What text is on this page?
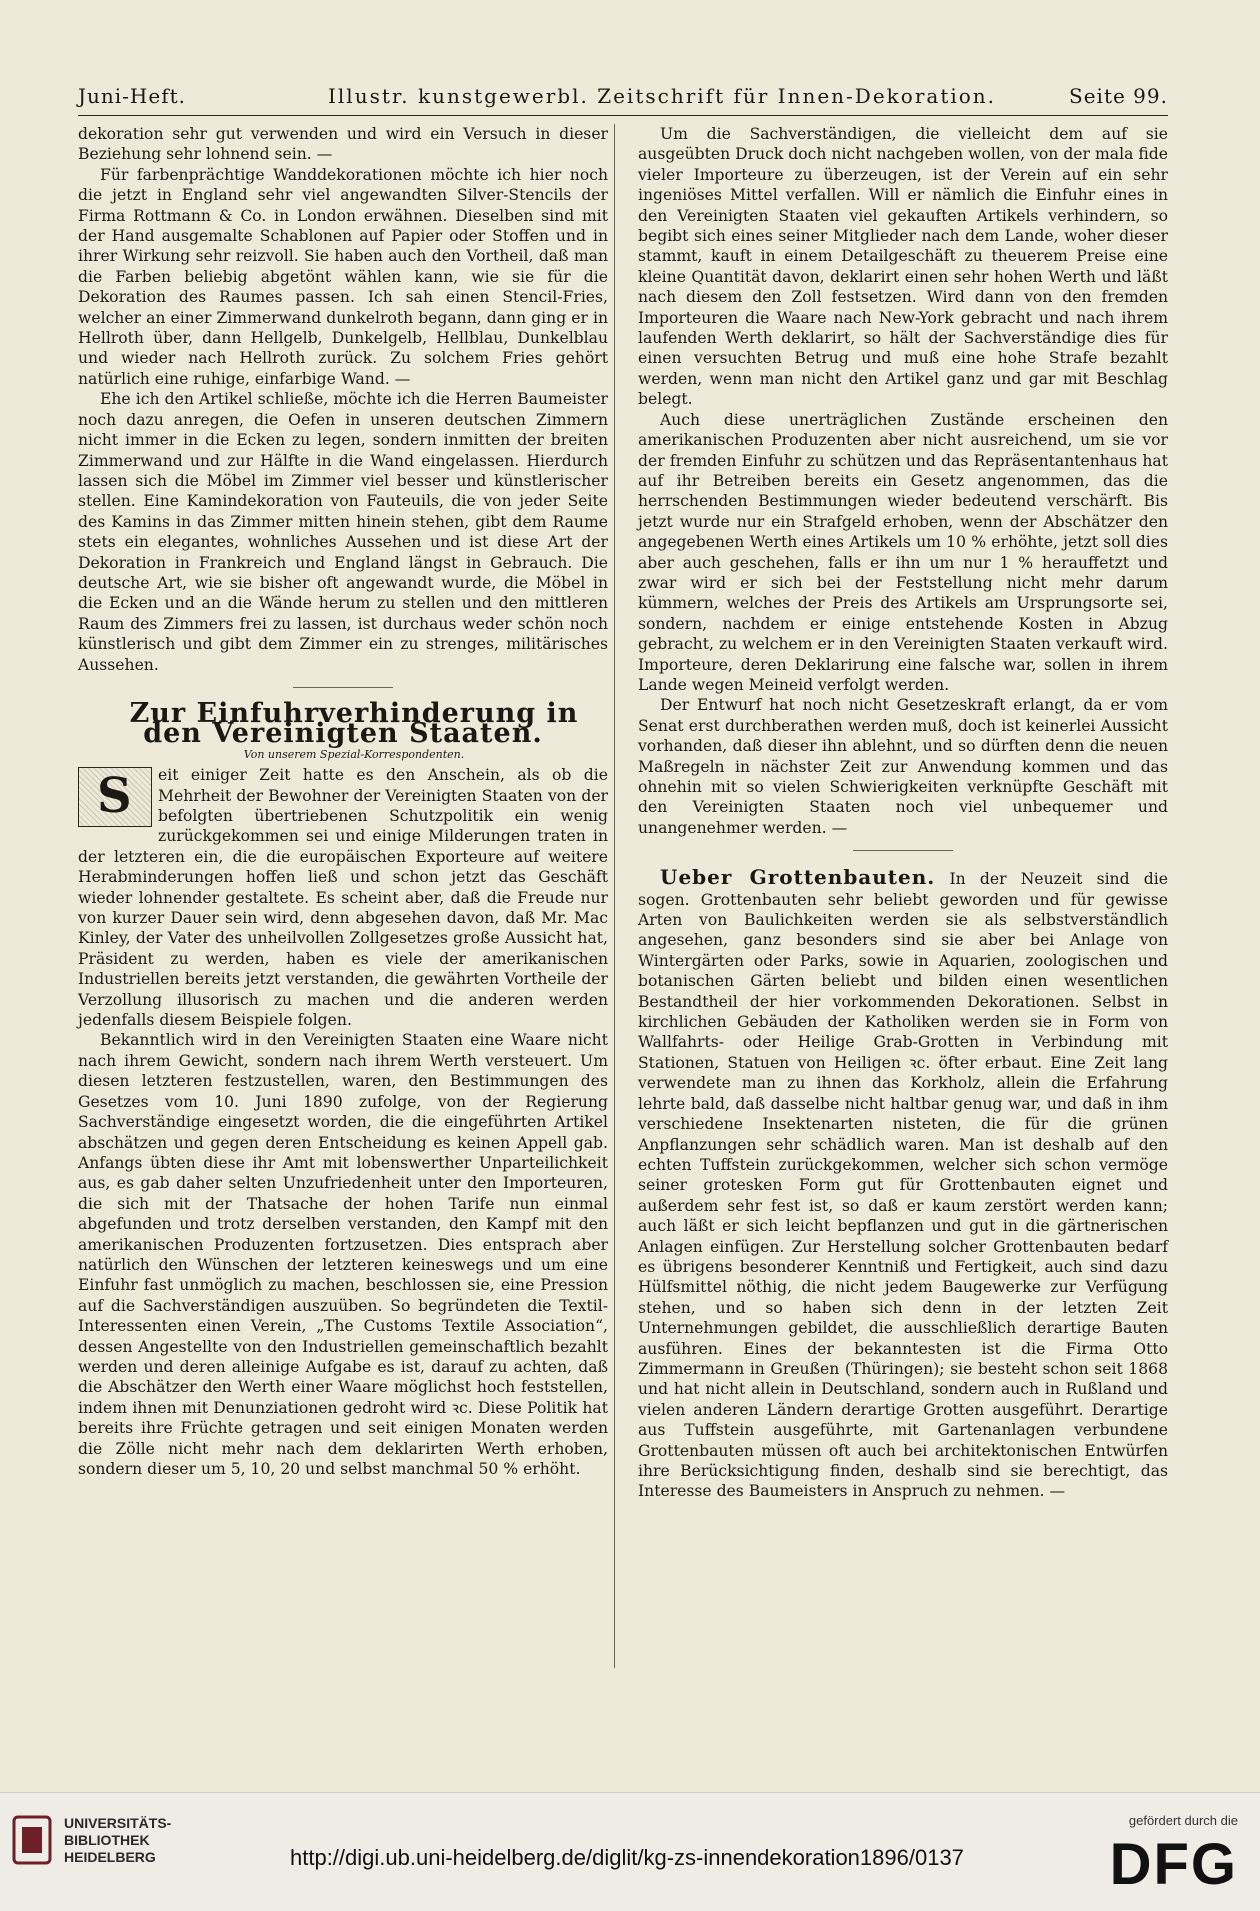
Juni-Heft.	Illustr. kunstgewerbl. Zeitschrift für Innen-Dekoration.	Seite 99.

dekoration sehr gut verwenden und wird ein Versuch in dieser Beziehung sehr lohnend sein. —

Für farbenprächtige Wanddekorationen möchte ich hier noch die jetzt in England sehr viel angewandten Silver-Stencils der Firma Rottmann & Co. in London erwähnen. Dieselben sind mit der Hand ausgemalte Schablonen auf Papier oder Stoffen und in ihrer Wirkung sehr reizvoll. Sie haben auch den Vortheil, daß man die Farben beliebig abgetönt wählen kann, wie sie für die Dekoration des Raumes passen. Ich sah einen Stencil-Fries, welcher an einer Zimmerwand dunkelroth begann, dann ging er in Hellroth über, dann Hellgelb, Dunkelgelb, Hellblau, Dunkelblau und wieder nach Hellroth zurück. Zu solchem Fries gehört natürlich eine ruhige, einfarbige Wand. —

Ehe ich den Artikel schließe, möchte ich die Herren Baumeister noch dazu anregen, die Oefen in unseren deutschen Zimmern nicht immer in die Ecken zu legen, sondern inmitten der breiten Zimmerwand und zur Hälfte in die Wand eingelassen. Hierdurch lassen sich die Möbel im Zimmer viel besser und künstlerischer stellen. Eine Kamindekoration von Fauteuils, die von jeder Seite des Kamins in das Zimmer mitten hinein stehen, gibt dem Raume stets ein elegantes, wohnliches Aussehen und ist diese Art der Dekoration in Frankreich und England längst in Gebrauch. Die deutsche Art, wie sie bisher oft angewandt wurde, die Möbel in die Ecken und an die Wände herum zu stellen und den mittleren Raum des Zimmers frei zu lassen, ist durchaus weder schön noch künstlerisch und gibt dem Zimmer ein zu strenges, militärisches Aussehen.

Zur Einfuhrverhinderung in den Vereinigten Staaten.

Von unserem Spezial-Korrespondenten.

S eit einiger Zeit hatte es den Anschein, als ob die Mehrheit der Bewohner der Vereinigten Staaten von der befolgten übertriebenen Schutzpolitik ein wenig zurückgekommen sei und einige Milderungen traten in der letzteren ein, die die europäischen Exporteure auf weitere Herabminderungen hoffen ließ und schon jetzt das Geschäft wieder lohnender gestaltete. Es scheint aber, daß die Freude nur von kurzer Dauer sein wird, denn abgesehen davon, daß Mr. Mac Kinley, der Vater des unheilvollen Zollgesetzes große Aussicht hat, Präsident zu werden, haben es viele der amerikanischen Industriellen bereits jetzt verstanden, die gewährten Vortheile der Verzollung illusorisch zu machen und die anderen werden jedenfalls diesem Beispiele folgen.

Bekanntlich wird in den Vereinigten Staaten eine Waare nicht nach ihrem Gewicht, sondern nach ihrem Werth versteuert. Um diesen letzteren festzustellen, waren, den Bestimmungen des Gesetzes vom 10. Juni 1890 zufolge, von der Regierung Sachverständige eingesetzt worden, die die eingeführten Artikel abschätzen und gegen deren Entscheidung es keinen Appell gab. Anfangs übten diese ihr Amt mit lobenswerther Unparteilichkeit aus, es gab daher selten Unzufriedenheit unter den Importeuren, die sich mit der Thatsache der hohen Tarife nun einmal abgefunden und trotz derselben verstanden, den Kampf mit den amerikanischen Produzenten fortzusetzen. Dies entsprach aber natürlich den Wünschen der letzteren keineswegs und um eine Einfuhr fast unmöglich zu machen, beschlossen sie, eine Pression auf die Sachverständigen auszuüben. So begründeten die Textil-Interessenten einen Verein, „The Customs Textile Association“, dessen Angestellte von den Industriellen gemeinschaftlich bezahlt werden und deren alleinige Aufgabe es ist, darauf zu achten, daß die Abschätzer den Werth einer Waare möglichst hoch feststellen, indem ihnen mit Denunziationen gedroht wird ꝛc. Diese Politik hat bereits ihre Früchte getragen und seit einigen Monaten werden die Zölle nicht mehr nach dem deklarirten Werth erhoben, sondern dieser um 5, 10, 20 und selbst manchmal 50 % erhöht.

Um die Sachverständigen, die vielleicht dem auf sie ausgeübten Druck doch nicht nachgeben wollen, von der mala fide vieler Importeure zu überzeugen, ist der Verein auf ein sehr ingeniöses Mittel verfallen. Will er nämlich die Einfuhr eines in den Vereinigten Staaten viel gekauften Artikels verhindern, so begibt sich eines seiner Mitglieder nach dem Lande, woher dieser stammt, kauft in einem Detailgeschäft zu theuerem Preise eine kleine Quantität davon, deklarirt einen sehr hohen Werth und läßt nach diesem den Zoll festsetzen. Wird dann von den fremden Importeuren die Waare nach New-York gebracht und nach ihrem laufenden Werth deklarirt, so hält der Sachverständige dies für einen versuchten Betrug und muß eine hohe Strafe bezahlt werden, wenn man nicht den Artikel ganz und gar mit Beschlag belegt.

Auch diese unerträglichen Zustände erscheinen den amerikanischen Produzenten aber nicht ausreichend, um sie vor der fremden Einfuhr zu schützen und das Repräsentantenhaus hat auf ihr Betreiben bereits ein Gesetz angenommen, das die herrschenden Bestimmungen wieder bedeutend verschärft. Bis jetzt wurde nur ein Strafgeld erhoben, wenn der Abschätzer den angegebenen Werth eines Artikels um 10 % erhöhte, jetzt soll dies aber auch geschehen, falls er ihn um nur 1 % herauffetzt und zwar wird er sich bei der Feststellung nicht mehr darum kümmern, welches der Preis des Artikels am Ursprungsorte sei, sondern, nachdem er einige entstehende Kosten in Abzug gebracht, zu welchem er in den Vereinigten Staaten verkauft wird. Importeure, deren Deklarirung eine falsche war, sollen in ihrem Lande wegen Meineid verfolgt werden.

Der Entwurf hat noch nicht Gesetzeskraft erlangt, da er vom Senat erst durchberathen werden muß, doch ist keinerlei Aussicht vorhanden, daß dieser ihn ablehnt, und so dürften denn die neuen Maßregeln in nächster Zeit zur Anwendung kommen und das ohnehin mit so vielen Schwierigkeiten verknüpfte Geschäft mit den Vereinigten Staaten noch viel unbequemer und unangenehmer werden. —

Ueber Grottenbauten. In der Neuzeit sind die sogen. Grottenbauten sehr beliebt geworden und für gewisse Arten von Baulichkeiten werden sie als selbstverständlich angesehen, ganz besonders sind sie aber bei Anlage von Wintergärten oder Parks, sowie in Aquarien, zoologischen und botanischen Gärten beliebt und bilden einen wesentlichen Bestandtheil der hier vorkommenden Dekorationen. Selbst in kirchlichen Gebäuden der Katholiken werden sie in Form von Wallfahrts- oder Heilige Grab-Grotten in Verbindung mit Stationen, Statuen von Heiligen ꝛc. öfter erbaut. Eine Zeit lang verwendete man zu ihnen das Korkholz, allein die Erfahrung lehrte bald, daß dasselbe nicht haltbar genug war, und daß in ihm verschiedene Insektenarten nisteten, die für die grünen Anpflanzungen sehr schädlich waren. Man ist deshalb auf den echten Tuffstein zurückgekommen, welcher sich schon vermöge seiner grotesken Form gut für Grottenbauten eignet und außerdem sehr fest ist, so daß er kaum zerstört werden kann; auch läßt er sich leicht bepflanzen und gut in die gärtnerischen Anlagen einfügen. Zur Herstellung solcher Grottenbauten bedarf es übrigens besonderer Kenntniß und Fertigkeit, auch sind dazu Hülfsmittel nöthig, die nicht jedem Baugewerke zur Verfügung stehen, und so haben sich denn in der letzten Zeit Unternehmungen gebildet, die ausschließlich derartige Bauten ausführen. Eines der bekanntesten ist die Firma Otto Zimmermann in Greußen (Thüringen); sie besteht schon seit 1868 und hat nicht allein in Deutschland, sondern auch in Rußland und vielen anderen Ländern derartige Grotten ausgeführt. Derartige aus Tuffstein ausgeführte, mit Gartenanlagen verbundene Grottenbauten müssen oft auch bei architektonischen Entwürfen ihre Berücksichtigung finden, deshalb sind sie berechtigt, das Interesse des Baumeisters in Anspruch zu nehmen. —

UNIVERSITÄTS-
BIBLIOTHEK
HEIDELBERG	http://digi.ub.uni-heidelberg.de/diglit/kg-zs-innendekoration1896/0137
gefördert durch die
DFG
